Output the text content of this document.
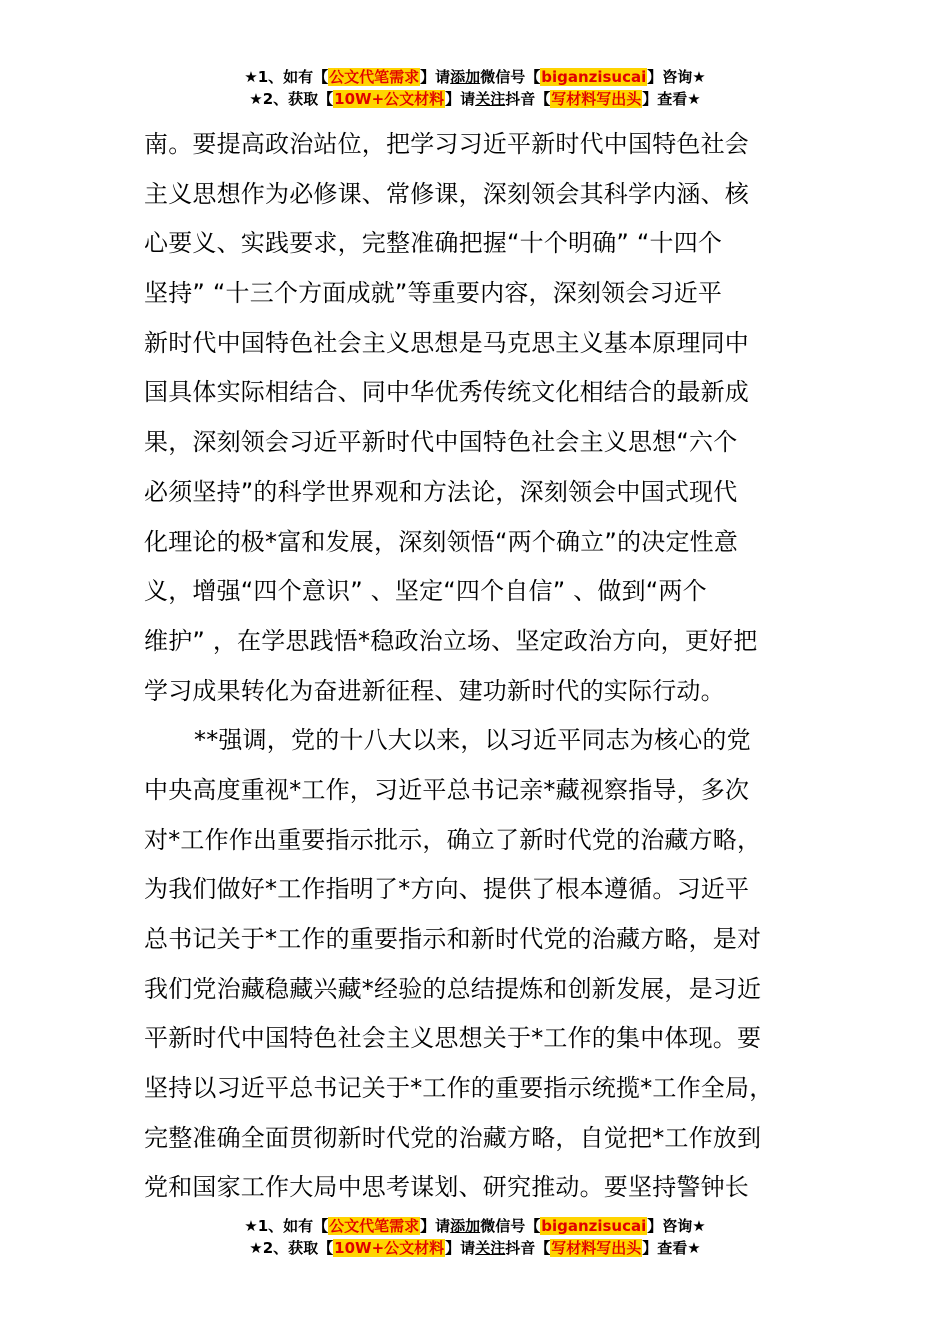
★1、如有【公文代笔需求】请添加微信号【biganzisucai】咨询★
★2、获取【10W+公文材料】请关注抖音【写材料写出头】查看★
南。要提高政治站位，把学习习近平新时代中国特色社会
主义思想作为必修课、常修课，深刻领会其科学内涵、核
心要义、实践要求，完整准确把握“十个明确” “十四个
坚持” “十三个方面成就”等重要内容，深刻领会习近平
新时代中国特色社会主义思想是马克思主义基本原理同中
国具体实际相结合、同中华优秀传统文化相结合的最新成
果，深刻领会习近平新时代中国特色社会主义思想“六个
必须坚持”的科学世界观和方法论，深刻领会中国式现代
化理论的极*富和发展，深刻领悟“两个确立”的决定性意
义，增强“四个意识” 、坚定“四个自信” 、做到“两个
维护” ，在学思践悟*稳政治立场、坚定政治方向，更好把
学习成果转化为奋进新征程、建功新时代的实际行动。
**强调，党的十八大以来，以习近平同志为核心的党
中央高度重视*工作，习近平总书记亲*藏视察指导，多次
对*工作作出重要指示批示，确立了新时代党的治藏方略，
为我们做好*工作指明了*方向、提供了根本遵循。习近平
总书记关于*工作的重要指示和新时代党的治藏方略，是对
我们党治藏稳藏兴藏*经验的总结提炼和创新发展，是习近
平新时代中国特色社会主义思想关于*工作的集中体现。要
坚持以习近平总书记关于*工作的重要指示统揽*工作全局，
完整准确全面贯彻新时代党的治藏方略，自觉把*工作放到
党和国家工作大局中思考谋划、研究推动。要坚持警钟长
★1、如有【公文代笔需求】请添加微信号【biganzisucai】咨询★
★2、获取【10W+公文材料】请关注抖音【写材料写出头】查看★
